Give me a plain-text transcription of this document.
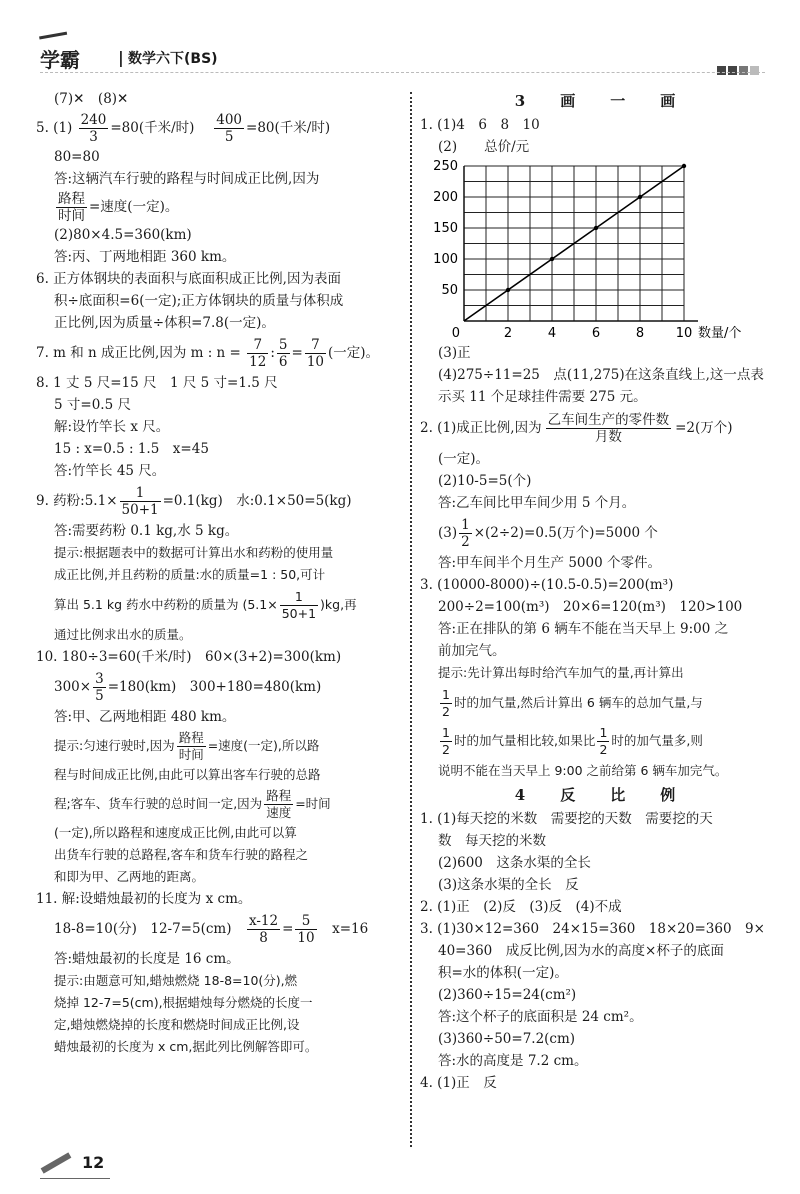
学霸 | 数学六下(BS)

(7)✕　(8)✕

5. $(1) \frac{240}{3} =80$(千米/时) 　 $\frac{400}{5} =80$(千米/时)

80=80

答:这辆汽车行驶的路程与时间成正比例,因为

$\frac{\text{路程}}{\text{时间}}$ =速度(一定)。

(2)80×4.5=360(km)

答:丙、丁两地相距 360 km。

6. 正方体钢块的表面积与底面积成正比例,因为表面

积÷底面积=6(一定);正方体钢块的质量与体积成

正比例,因为质量÷体积=7.8(一定)。

7. m 和 n 成正比例,因为 m : $n = \frac{7}{12}$ : $\frac{5}{6} = \frac{7}{10}$ (一定)。

8. 1 丈 5 尺=15 尺　1 尺 5 寸=1.5 尺

5 寸=0.5 尺

解:设竹竿长 x 尺。

15 : x=0.5 : 1.5　x=45

答:竹竿长 45 尺。

9. 药粉:5.1× $\frac{1}{50+1} =0.1(kg)$　水:0.1×50=5(kg)

答:需要药粉 0.1 kg,水 5 kg。

提示:根据题表中的数据可计算出水和药粉的使用量

成正比例,并且药粉的质量:水的质量=1 : 50,可计

算出 5.1 kg 药水中药粉的质量为 $(5.1\times \frac{1}{50+1} )kg$,再

通过比例求出水的质量。

10. 180÷3=60(千米/时)　60×(3+2)=300(km)

$300\times \frac{3}{5} =180(km)$　300+180=480(km)

答:甲、乙两地相距 480 km。

提示:匀速行驶时,因为 $\frac{\text{路程}}{\text{时间}}$ =速度(一定),所以路

程与时间成正比例,由此可以算出客车行驶的总路

程;客车、货车行驶的总时间一定,因为 $\frac{\text{路程}}{\text{速度}}$ =时间

(一定),所以路程和速度成正比例,由此可以算

出货车行驶的总路程,客车和货车行驶的路程之

和即为甲、乙两地的距离。

11. 解:设蜡烛最初的长度为 x cm。

18-8=10(分)　12-7=5(cm)　 $\frac{x-12}{8} = \frac{5}{10}$
　 x=16

答:蜡烛最初的长度是 16 cm。

提示:由题意可知,蜡烛燃烧 18-8=10(分),燃

烧掉 12-7=5(cm),根据蜡烛每分燃烧的长度一

定,蜡烛燃烧掉的长度和燃烧时间成正比例,设

蜡烛最初的长度为 x cm,据此列比例解答即可。

3　画　一　画

1. (1)4　6　8　10

(2)　　 总价/元

2	4	6	8 10
50
100
150
200
250
0	数量/个

(3)正

(4)275÷11=25　点(11,275)在这条直线上,这一点表

示买 11 个足球挂件需要 275 元。

2. (1)成正比例,因为 $\frac{\text{乙车间生产的零件数}}{\text{月数}} =2$(万个)

(一定)。

(2)10-5=5(个)

答:乙车间比甲车间少用 5 个月。

$(3) \frac{1}{2} \times(2\div 2)=0.5$(万个)=5000 个

答:甲车间半个月生产 5000 个零件。

3. (10000-8000)÷(10.5-0.5)=200(m³)

200÷2=100(m³)　20×6=120(m³)　120>100

答:正在排队的第 6 辆车不能在当天早上 9:00 之

前加完气。

提示:先计算出每时给汽车加气的量,再计算出

$\frac{1}{2}$ 时的加气量,然后计算出 6 辆车的总加气量,与

$\frac{1}{2}$ 时的加气量相比较,如果比 $\frac{1}{2}$ 时的加气量多,则

说明不能在当天早上 9:00 之前给第 6 辆车加完气。

4　反　比　例

1. (1)每天挖的米数　需要挖的天数　需要挖的天

数　每天挖的米数

(2)600　这条水渠的全长

(3)这条水渠的全长　反

2. (1)正　(2)反　(3)反　(4)不成

3. (1)30×12=360　24×15=360　18×20=360　9×

40=360　成反比例,因为水的高度×杯子的底面

积=水的体积(一定)。

(2)360÷15=24(cm²)

答:这个杯子的底面积是 24 cm²。

(3)360÷50=7.2(cm)

答:水的高度是 7.2 cm。

4. (1)正　反

12
